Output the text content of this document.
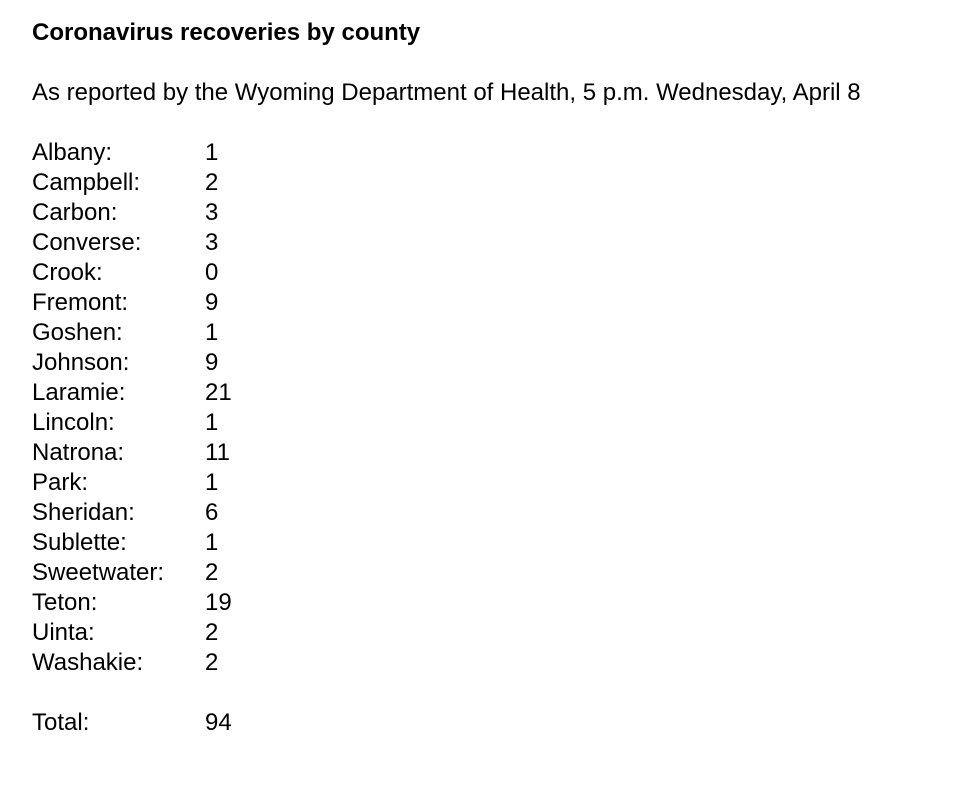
Coronavirus recoveries by county

As reported by the Wyoming Department of Health, 5 p.m. Wednesday, April 8

Albany:	1
Campbell:	2
Carbon:	3
Converse:	3
Crook:	0
Fremont:	9
Goshen:	1
Johnson:	9
Laramie:	21
Lincoln:	1
Natrona:	11
Park:	1
Sheridan:	6
Sublette:	1
Sweetwater:	2
Teton:	19
Uinta:	2
Washakie:	2
Total:	94
